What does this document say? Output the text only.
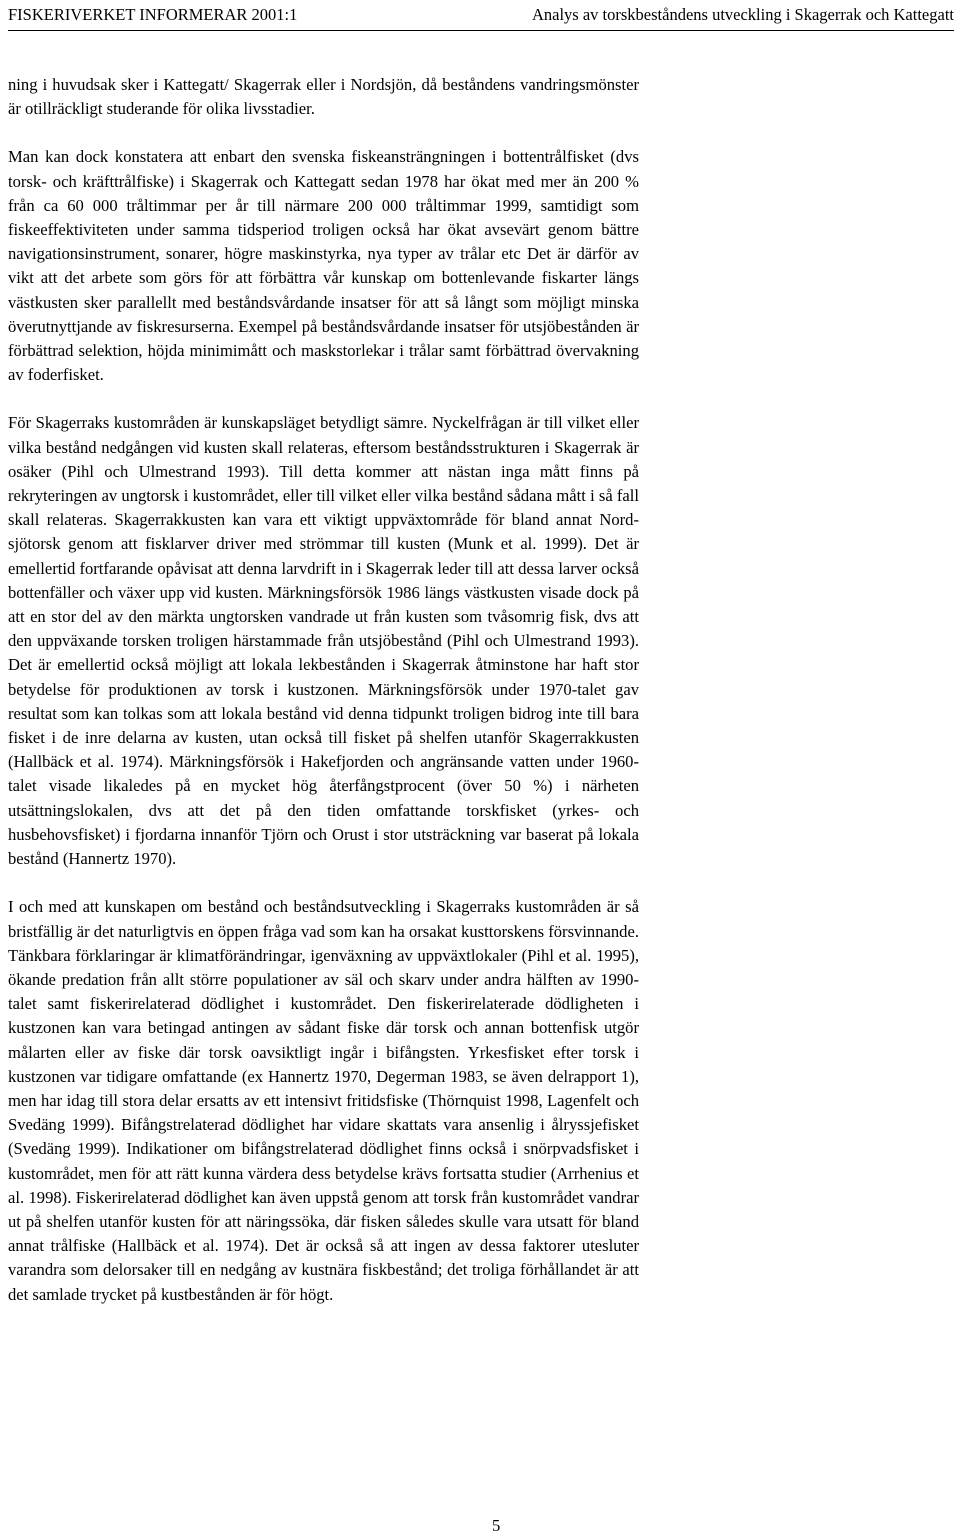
FISKERIVERKET INFORMERAR 2001:1	Analys av torskbeståndens utveckling i Skagerrak och Kattegatt

ning i huvudsak sker i Kattegatt/ Skagerrak eller i Nordsjön, då beståndens vandringsmönster är otillräckligt studerande för olika livsstadier.

Man kan dock konstatera att enbart den svenska fiskeansträngningen i bottentrålfisket (dvs torsk- och kräfttrålfiske) i Skagerrak och Kattegatt sedan 1978 har ökat med mer än 200 % från ca 60 000 tråltimmar per år till närmare 200 000 tråltimmar 1999, samtidigt som fiskeeffektiviteten under samma tidsperiod troligen också har ökat avsevärt genom bättre navigationsinstrument, sonarer, högre maskinstyrka, nya typer av trålar etc Det är därför av vikt att det arbete som görs för att förbättra vår kunskap om bottenlevande fiskarter längs västkusten sker parallellt med beståndsvårdande insatser för att så långt som möjligt minska överutnyttjande av fiskresurserna. Exempel på beståndsvårdande insatser för utsjöbestånden är förbättrad selektion, höjda minimimått och maskstorlekar i trålar samt förbättrad övervakning av foderfisket.

För Skagerraks kustområden är kunskapsläget betydligt sämre. Nyckelfrågan är till vilket eller vilka bestånd nedgången vid kusten skall relateras, eftersom beståndsstrukturen i Skagerrak är osäker (Pihl och Ulmestrand 1993). Till detta kommer att nästan inga mått finns på rekryteringen av ungtorsk i kustområdet, eller till vilket eller vilka bestånd sådana mått i så fall skall relateras. Skagerrakkusten kan vara ett viktigt uppväxtområde för bland annat Nordsjötorsk genom att fisklarver driver med strömmar till kusten (Munk et al. 1999). Det är emellertid fortfarande opåvisat att denna larvdrift in i Skagerrak leder till att dessa larver också bottenfäller och växer upp vid kusten. Märkningsförsök 1986 längs västkusten visade dock på att en stor del av den märkta ungtorsken vandrade ut från kusten som tvåsomrig fisk, dvs att den uppväxande torsken troligen härstammade från utsjöbestånd (Pihl och Ulmestrand 1993). Det är emellertid också möjligt att lokala lekbestånden i Skagerrak åtminstone har haft stor betydelse för produktionen av torsk i kustzonen. Märkningsförsök under 1970-talet gav resultat som kan tolkas som att lokala bestånd vid denna tidpunkt troligen bidrog inte till bara fisket i de inre delarna av kusten, utan också till fisket på shelfen utanför Skagerrakkusten (Hallbäck et al. 1974). Märkningsförsök i Hakefjorden och angränsande vatten under 1960-talet visade likaledes på en mycket hög återfångstprocent (över 50 %) i närheten utsättningslokalen, dvs att det på den tiden omfattande torskfisket (yrkes- och husbehovsfisket) i fjordarna innanför Tjörn och Orust i stor utsträckning var baserat på lokala bestånd (Hannertz 1970).

I och med att kunskapen om bestånd och beståndsutveckling i Skagerraks kustområden är så bristfällig är det naturligtvis en öppen fråga vad som kan ha orsakat kusttorskens försvinnande. Tänkbara förklaringar är klimatförändringar, igenväxning av uppväxtlokaler (Pihl et al. 1995), ökande predation från allt större populationer av säl och skarv under andra hälften av 1990-talet samt fiskerirelaterad dödlighet i kustområdet. Den fiskerirelaterade dödligheten i kustzonen kan vara betingad antingen av sådant fiske där torsk och annan bottenfisk utgör målarten eller av fiske där torsk oavsiktligt ingår i bifångsten. Yrkesfisket efter torsk i kustzonen var tidigare omfattande (ex Hannertz 1970, Degerman 1983, se även delrapport 1), men har idag till stora delar ersatts av ett intensivt fritidsfiske (Thörnquist 1998, Lagenfelt och Svedäng 1999). Bifångstrelaterad dödlighet har vidare skattats vara ansenlig i ålryssjefisket (Svedäng 1999). Indikationer om bifångstrelaterad dödlighet finns också i snörpvadsfisket i kustområdet, men för att rätt kunna värdera dess betydelse krävs fortsatta studier (Arrhenius et al. 1998). Fiskerirelaterad dödlighet kan även uppstå genom att torsk från kustområdet vandrar ut på shelfen utanför kusten för att näringssöka, där fisken således skulle vara utsatt för bland annat trålfiske (Hallbäck et al. 1974). Det är också så att ingen av dessa faktorer utesluter varandra som delorsaker till en nedgång av kustnära fiskbestånd; det troliga förhållandet är att det samlade trycket på kustbestånden är för högt.

5
